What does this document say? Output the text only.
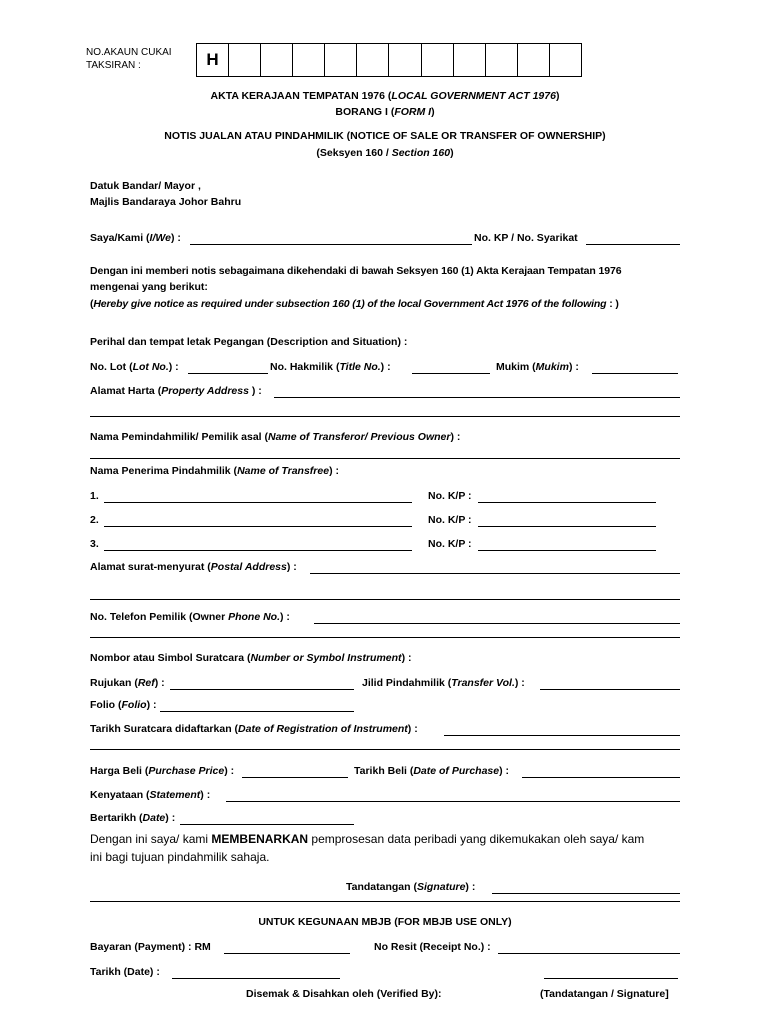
NO.AKAUN CUKAI
TAKSIRAN :	H
AKTA KERAJAAN TEMPATAN 1976 (LOCAL GOVERNMENT ACT 1976)
BORANG I (FORM I)
NOTIS JUALAN ATAU PINDAHMILIK (NOTICE OF SALE OR TRANSFER OF OWNERSHIP)
(Seksyen 160 / Section 160)
Datuk Bandar/ Mayor ,
Majlis Bandaraya Johor Bahru
Saya/Kami (I/We) :	No. KP / No. Syarikat
Dengan ini memberi notis sebagaimana dikehendaki di bawah Seksyen 160 (1) Akta Kerajaan Tempatan 1976
mengenai yang berikut:
(Hereby give notice as required under subsection 160 (1) of the local Government Act 1976 of the following : )
Perihal dan tempat letak Pegangan (Description and Situation) :
No. Lot (Lot No.) :	No. Hakmilik (Title No.) :	Mukim (Mukim) :
Alamat Harta (Property Address ) :
Nama Pemindahmilik/ Pemilik asal (Name of Transferor/ Previous Owner) :
Nama Penerima Pindahmilik (Name of Transfree) :
1.	No. K/P :
2.	No. K/P :
3.	No. K/P :
Alamat surat-menyurat (Postal Address) :
No. Telefon Pemilik (Owner Phone No.) :
Nombor atau Simbol Suratcara (Number or Symbol Instrument) :
Rujukan (Ref) :	Jilid Pindahmilik (Transfer Vol.) :
Folio (Folio) :
Tarikh Suratcara didaftarkan (Date of Registration of Instrument) :
Harga Beli (Purchase Price) :	Tarikh Beli (Date of Purchase) :
Kenyataan (Statement) :
Bertarikh (Date) :
Dengan ini saya/ kami MEMBENARKAN pemprosesan data peribadi yang dikemukakan oleh saya/ kam
ini bagi tujuan pindahmilik sahaja.
Tandatangan (Signature) :
UNTUK KEGUNAAN MBJB (FOR MBJB USE ONLY)
Bayaran (Payment) : RM	No Resit (Receipt No.) :
Tarikh (Date) :
Disemak & Disahkan oleh (Verified By):	(Tandatangan / Signature]
